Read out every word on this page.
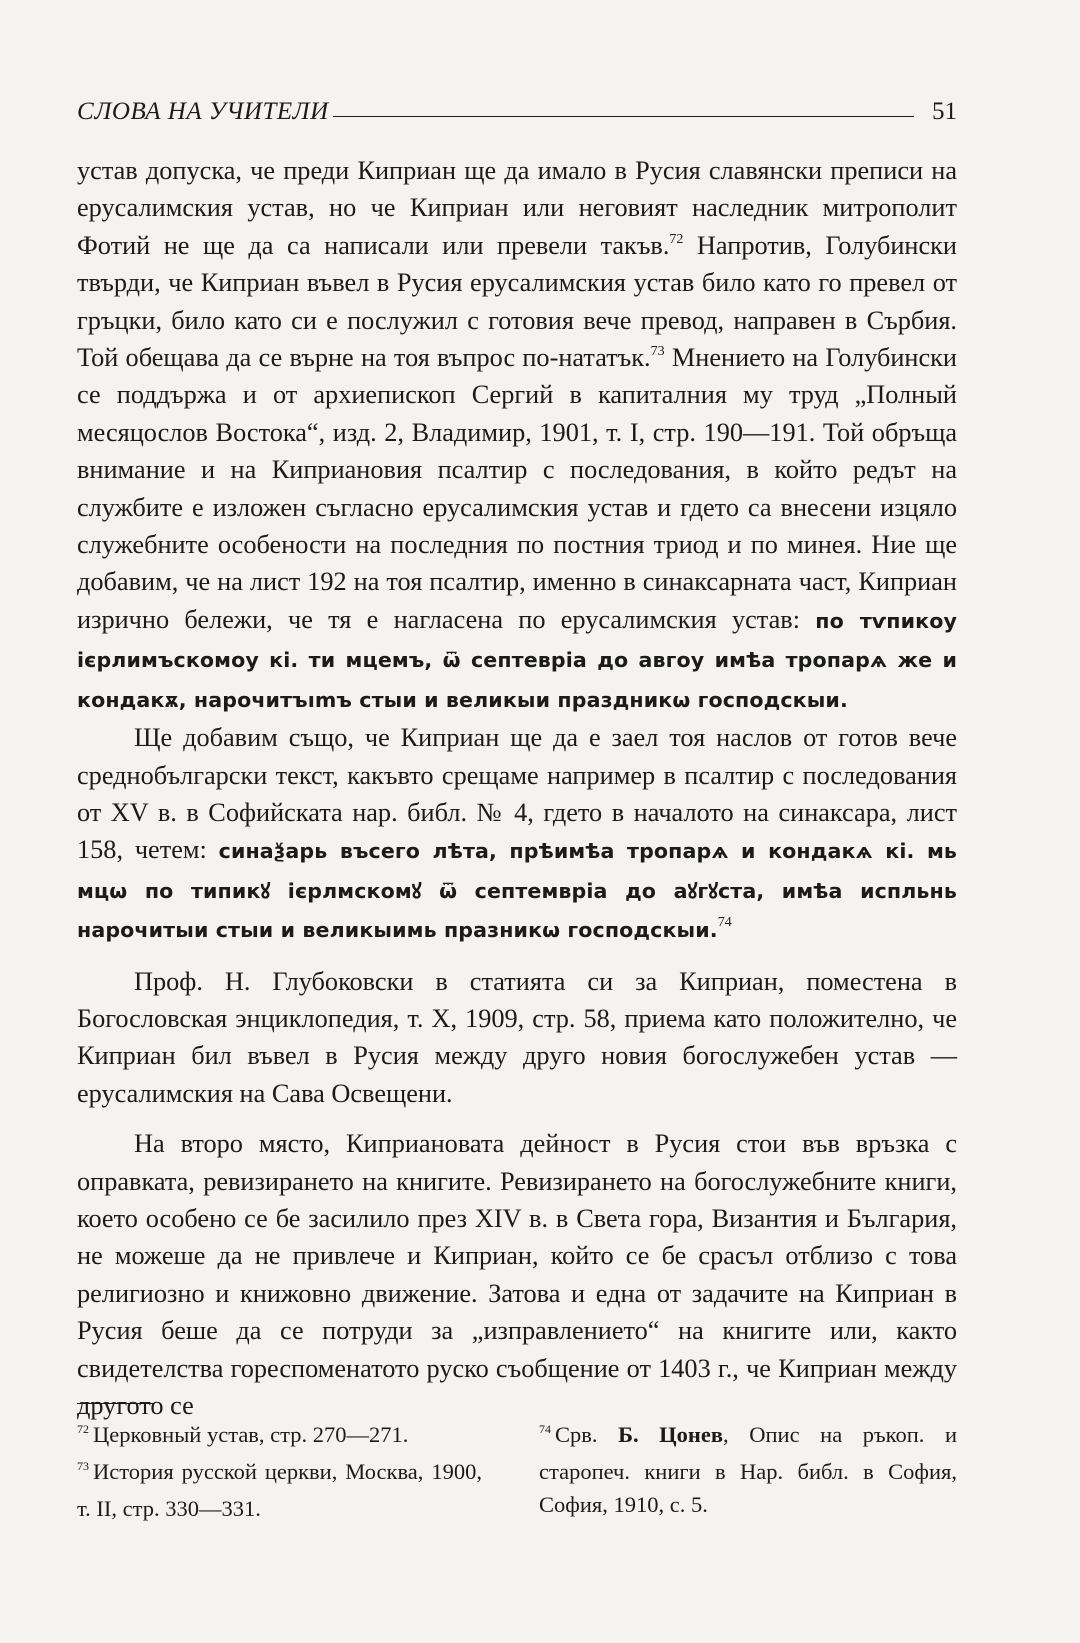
СЛОВА НА УЧИТЕЛИ	51

устав допуска, че преди Киприан ще да имало в Русия славянски преписи на ерусалимския устав, но че Киприан или неговият наследник митрополит Фотий не ще да са написали или превели такъв.$^{72}$ Напротив, Голубински твърди, че Киприан въвел в Русия ерусалимския устав било като го превел от гръцки, било като си е послужил с готовия вече превод, направен в Сърбия. Той обещава да се върне на тоя въпрос по-нататък.$^{73}$ Мнението на Голубински се поддържа и от архиепископ Сергий в капиталния му труд „Полный месяцослов Востока“, изд. 2, Владимир, 1901, т. I, стр. 190—191. Той обръща внимание и на Киприановия псалтир с последования, в който редът на службите е изложен съгласно ерусалимския устав и гдето са внесени изцяло служебните особености на последния по постния триод и по минея. Ние ще добавим, че на лист 192 на тоя псалтир, именно в синаксарната част, Киприан изрично бележи, че тя е нагласена по ерусалимския устав: по тѵпикоу ієрлимъскомоу кі. ти мцемъ, ѿ септевріа до авгоу имѣа тропарѧ же и кондакѫ, нарочитъımъ стыи и великыи праздникѡ господскыи.

Ще добавим също, че Киприан ще да е заел тоя наслов от готов вече среднобългарски текст, какъвто срещаме например в псалтир с последования от XV в. в Софийската нар. библ. № 4, гдето в началото на синаксара, лист 158, четем: синаѯарь въсего лѣта, прѣимѣа тропарѧ и кондакѧ кі. мь мцѡ по типикꙋ ієрлмскомꙋ ѿ септемвріа до аꙋгꙋста, имѣа испльнь нарочитыи стыи и великыимь празникѡ господскыи.$^{74}$

Проф. Н. Глубоковски в статията си за Киприан, поместена в Богословская энциклопедия, т. X, 1909, стр. 58, приема като положително, че Киприан бил въвел в Русия между друго новия богослужебен устав — ерусалимския на Сава Освещени.

На второ място, Киприановата дейност в Русия стои във връзка с оправката, ревизирането на книгите. Ревизирането на богослужебните книги, което особено се бе засилило през XIV в. в Света гора, Византия и България, не можеше да не привлече и Киприан, който се бе срасъл отблизо с това религиозно и книжовно движение. Затова и една от задачите на Киприан в Русия беше да се потруди за „изправлението“ на книгите или, както свидетелства гореспоменатото руско съобщение от 1403 г., че Киприан между другото се

$^{72}$ Церковный устав, стр. 270—271.

$^{73}$ История русской церкви, Москва, 1900, т. II, стр. 330—331.

$^{74}$ Срв. Б. Цонев, Опис на ръкоп. и старопеч. книги в Нар. библ. в София, София, 1910, с. 5.
